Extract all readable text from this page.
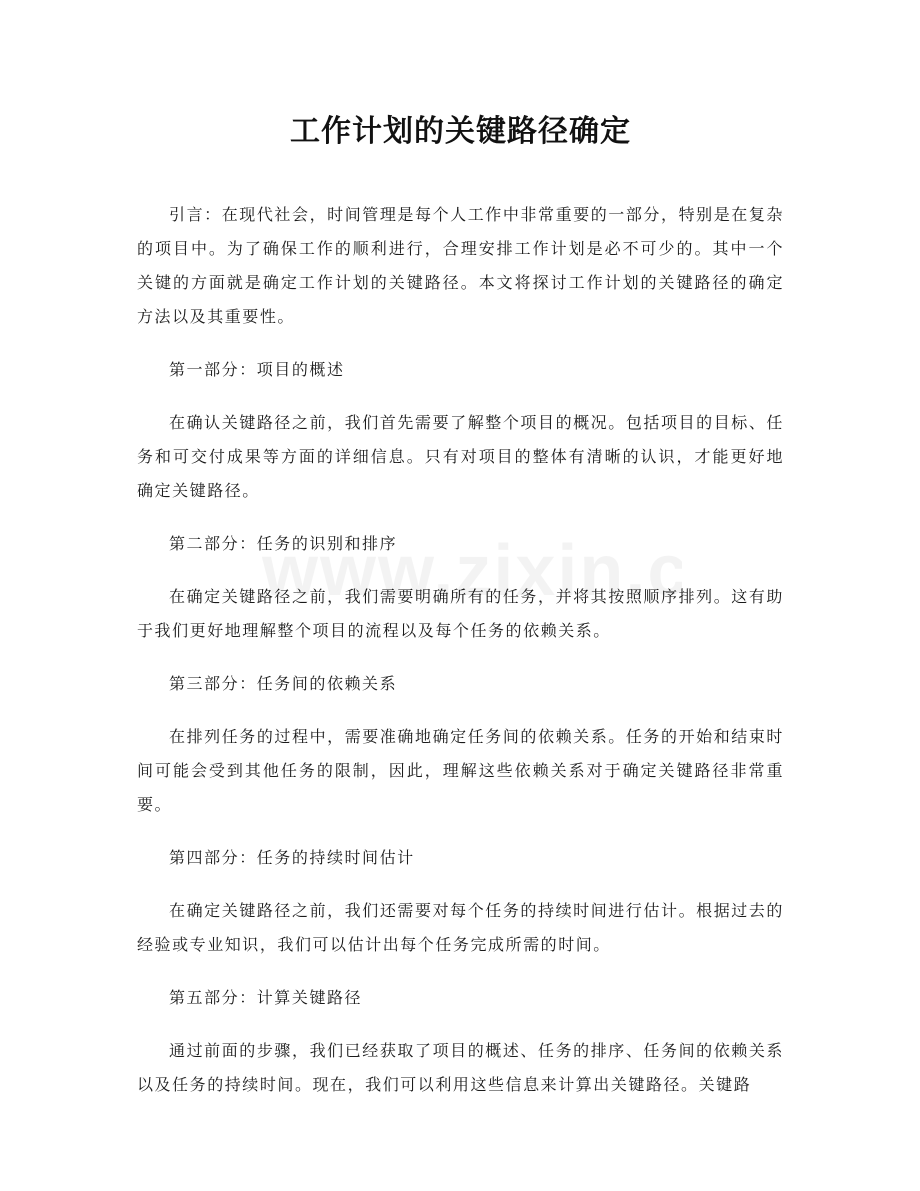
工作计划的关键路径确定

引言：在现代社会，时间管理是每个人工作中非常重要的一部分，特别是在复杂的项目中。为了确保工作的顺利进行，合理安排工作计划是必不可少的。其中一个关键的方面就是确定工作计划的关键路径。本文将探讨工作计划的关键路径的确定方法以及其重要性。

第一部分：项目的概述

在确认关键路径之前，我们首先需要了解整个项目的概况。包括项目的目标、任务和可交付成果等方面的详细信息。只有对项目的整体有清晰的认识，才能更好地确定关键路径。

第二部分：任务的识别和排序

在确定关键路径之前，我们需要明确所有的任务，并将其按照顺序排列。这有助于我们更好地理解整个项目的流程以及每个任务的依赖关系。

第三部分：任务间的依赖关系

在排列任务的过程中，需要准确地确定任务间的依赖关系。任务的开始和结束时间可能会受到其他任务的限制，因此，理解这些依赖关系对于确定关键路径非常重要。

第四部分：任务的持续时间估计

在确定关键路径之前，我们还需要对每个任务的持续时间进行估计。根据过去的经验或专业知识，我们可以估计出每个任务完成所需的时间。

第五部分：计算关键路径

通过前面的步骤，我们已经获取了项目的概述、任务的排序、任务间的依赖关系以及任务的持续时间。现在，我们可以利用这些信息来计算出关键路径。关键路
